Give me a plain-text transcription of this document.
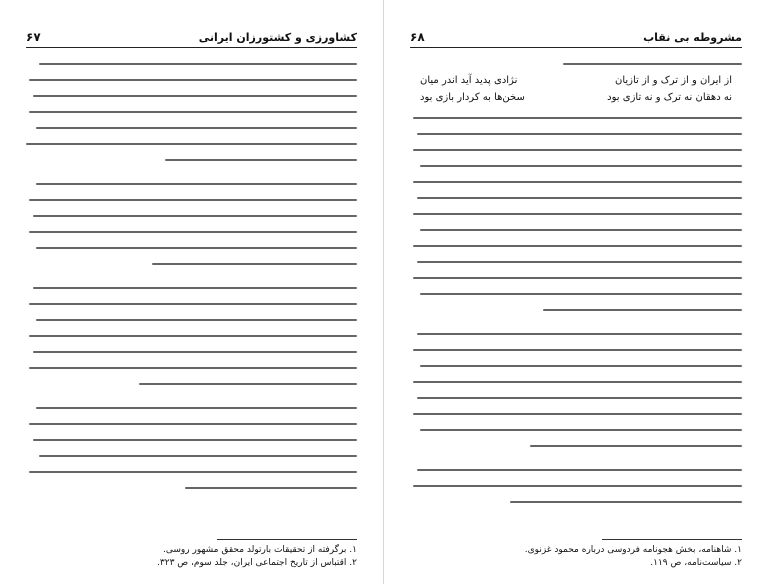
کشاورزی و کشتورزان ایرانی
۶۷
۱. برگرفته از تحقیقات بارتولد محقق مشهور روسی.
۲. اقتباس از تاریخ اجتماعی ایران، جلد سوم، ص ۳۲۳.
مشروطه بی نقاب
۶۸
از ایران و از ترک و از تازیان
نژادی پدید آید اندر میان
نه دهقان نه ترک و نه تازی بود
سخن‌ها به کردار بازی بود
۱. شاهنامه، بخش هجونامه فردوسی درباره محمود غزنوی.
۲. سیاست‌نامه، ص ۱۱۹.
